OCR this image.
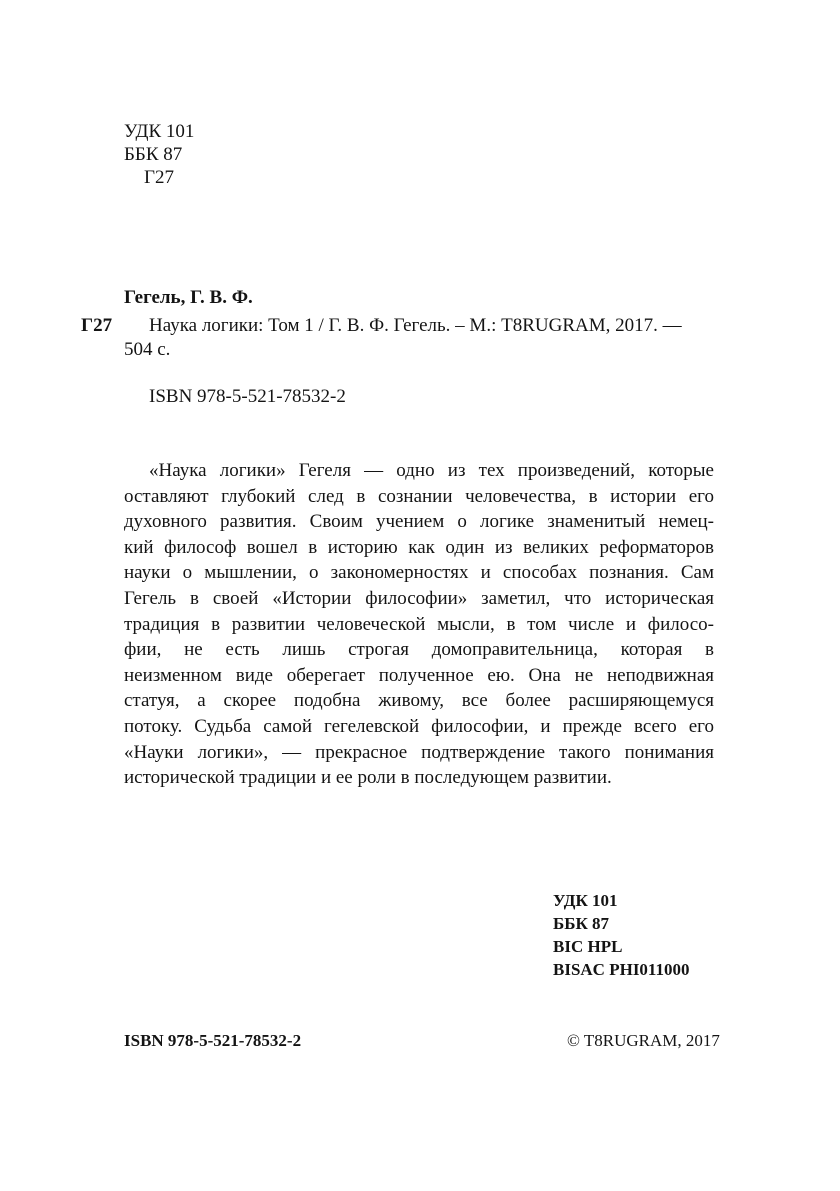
УДК 101
ББК 87
Г27
Гегель, Г. В. Ф.
Г27 Наука логики: Том 1 / Г. В. Ф. Гегель. – М.: T8RUGRAM, 2017. —
504 с.
ISBN 978-5-521-78532-2
«Наука логики» Гегеля — одно из тех произведений, которые
оставляют глубокий след в сознании человечества, в истории его
духовного развития. Своим учением о логике знаменитый немец-
кий философ вошел в историю как один из великих реформаторов
науки о мышлении, о закономерностях и способах познания. Сам
Гегель в своей «Истории философии» заметил, что историческая
традиция в развитии человеческой мысли, в том числе и филосо-
фии, не есть лишь строгая домоправительница, которая в
неизменном виде оберегает полученное ею. Она не неподвижная
статуя, а скорее подобна живому, все более расширяющемуся
потоку. Судьба самой гегелевской философии, и прежде всего его
«Науки логики», — прекрасное подтверждение такого понимания
исторической традиции и ее роли в последующем развитии.
УДК 101
ББК 87
BIC HPL
BISAC PHI011000
ISBN 978-5-521-78532-2	© T8RUGRAM, 2017
